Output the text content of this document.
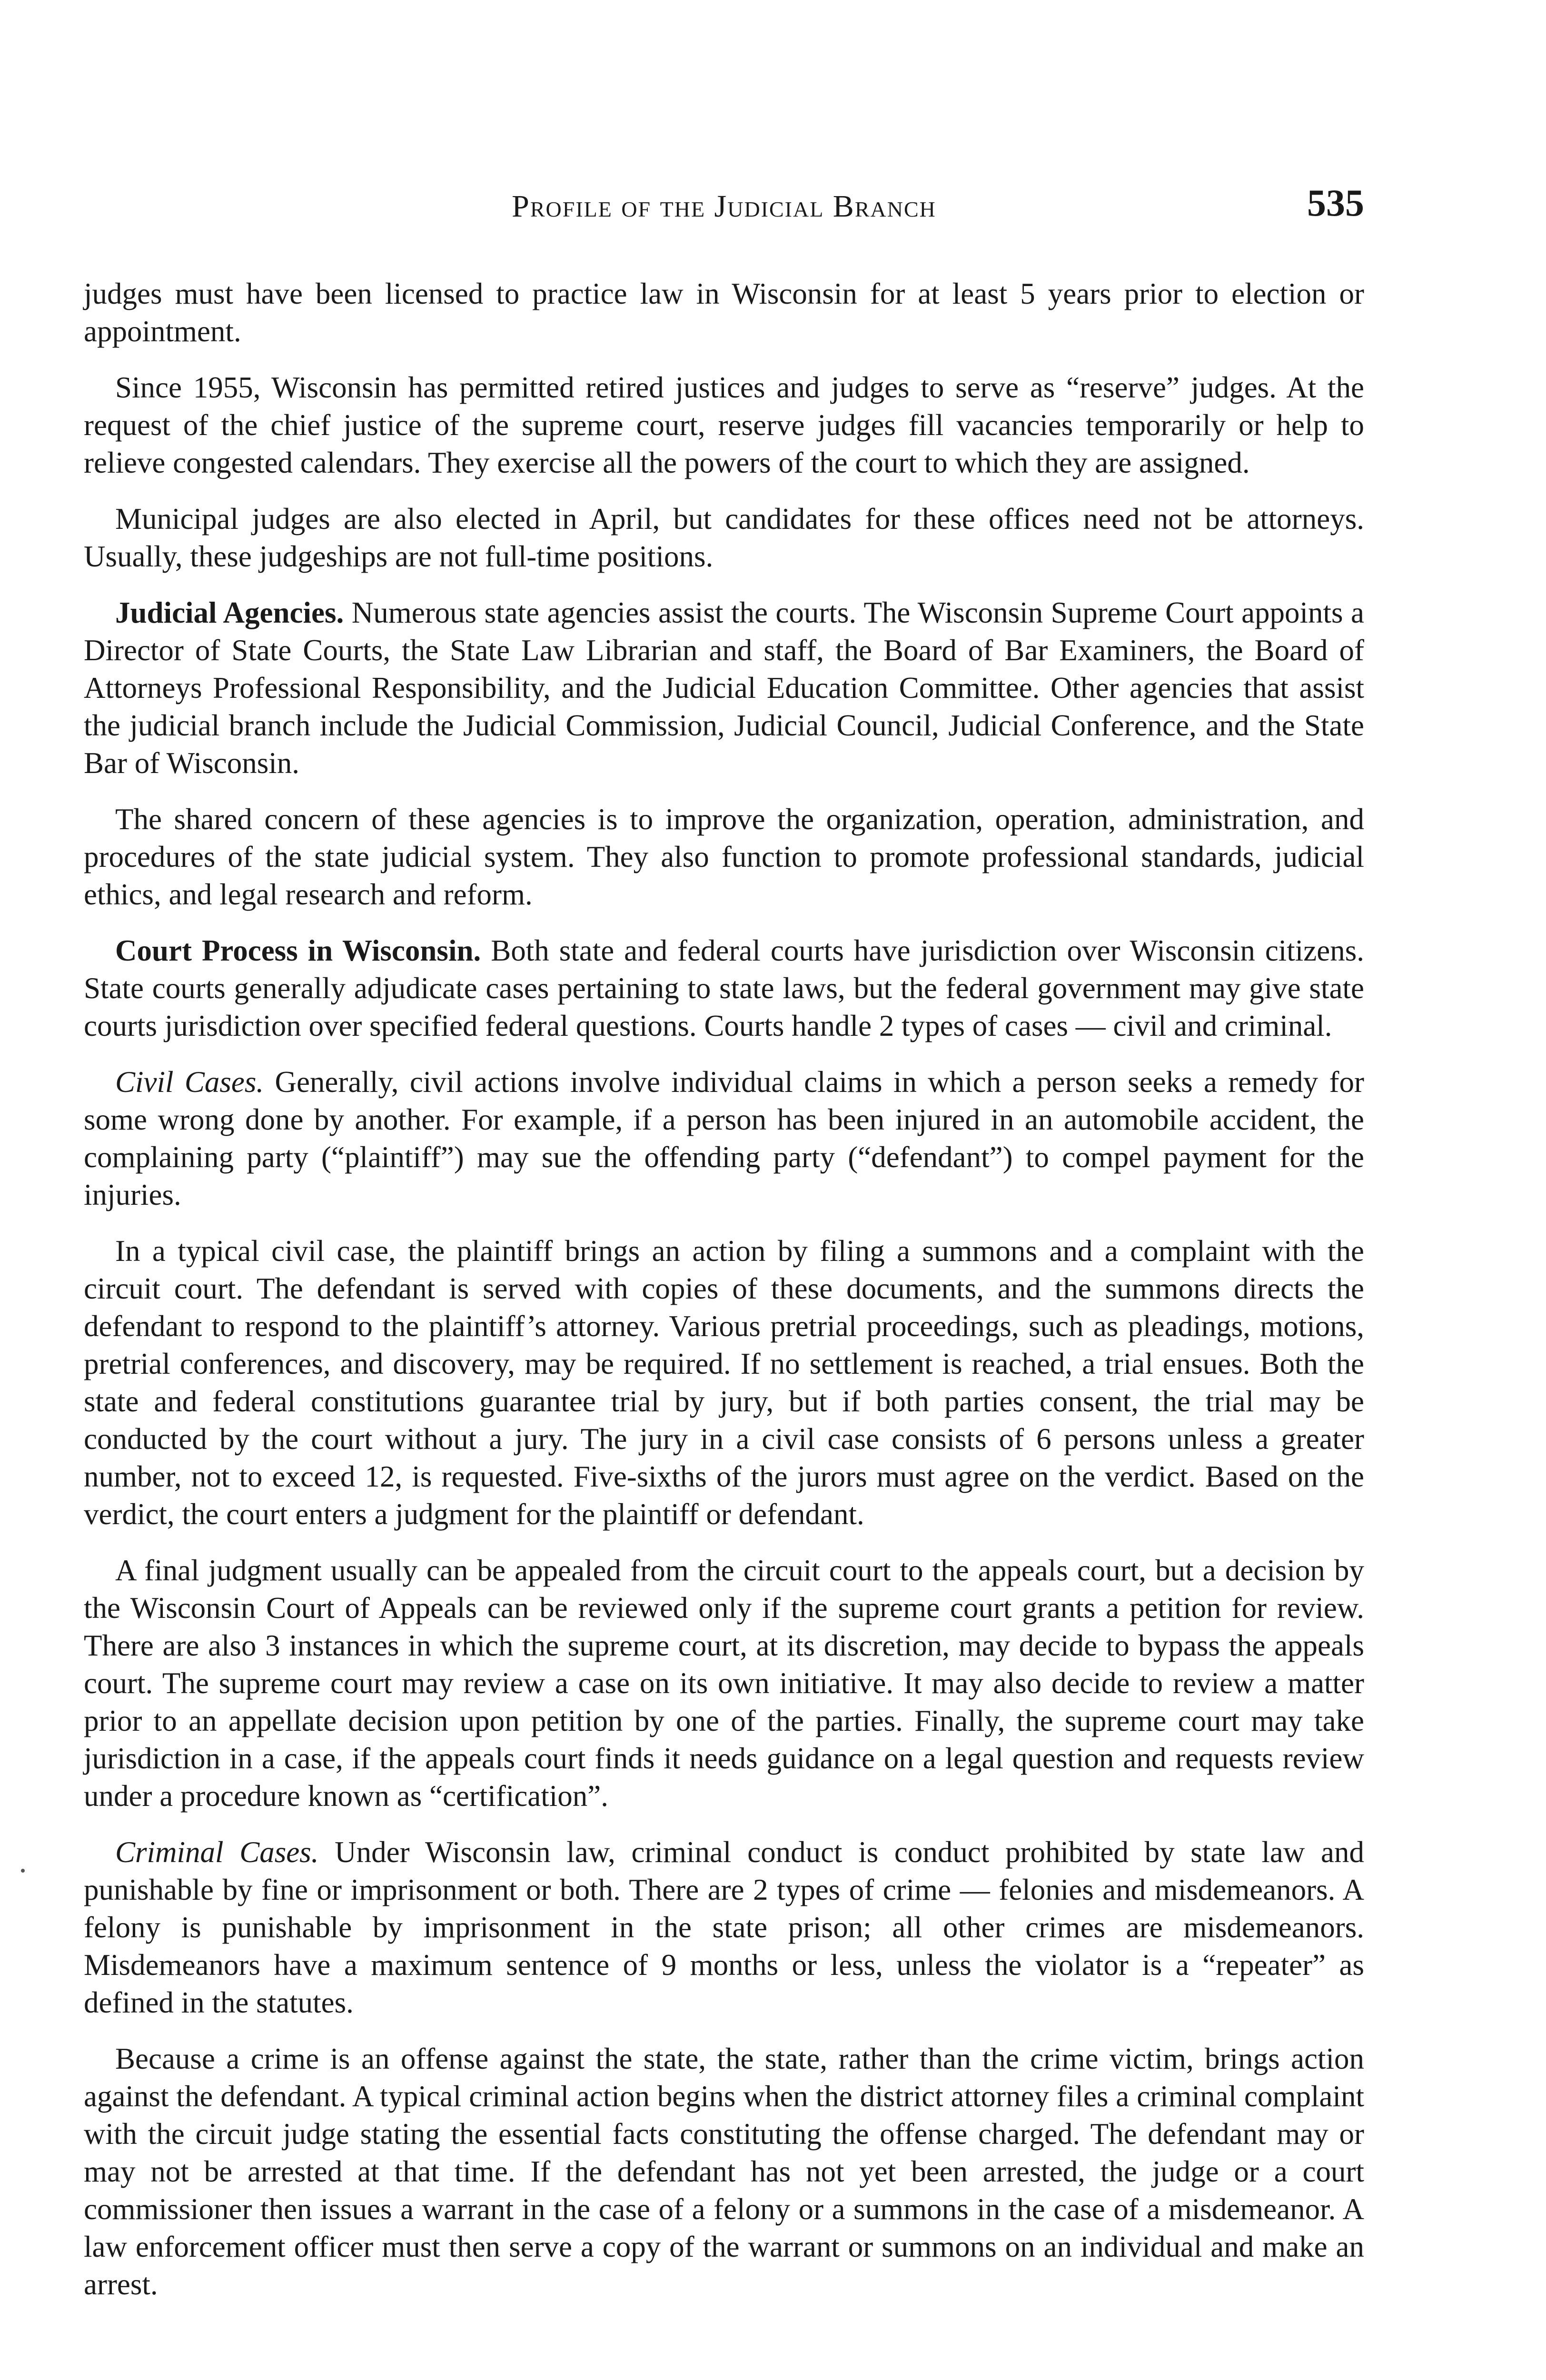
Profile of the Judicial Branch	535

judges must have been licensed to practice law in Wisconsin for at least 5 years prior to election or appointment.

Since 1955, Wisconsin has permitted retired justices and judges to serve as “reserve” judges. At the request of the chief justice of the supreme court, reserve judges fill vacancies temporarily or help to relieve congested calendars. They exercise all the powers of the court to which they are assigned.

Municipal judges are also elected in April, but candidates for these offices need not be attorneys. Usually, these judgeships are not full-time positions.

Judicial Agencies. Numerous state agencies assist the courts. The Wisconsin Supreme Court appoints a Director of State Courts, the State Law Librarian and staff, the Board of Bar Examiners, the Board of Attorneys Professional Responsibility, and the Judicial Education Committee. Other agencies that assist the judicial branch include the Judicial Commission, Judicial Council, Judicial Conference, and the State Bar of Wisconsin.

The shared concern of these agencies is to improve the organization, operation, administration, and procedures of the state judicial system. They also function to promote professional standards, judicial ethics, and legal research and reform.

Court Process in Wisconsin. Both state and federal courts have jurisdiction over Wisconsin citizens. State courts generally adjudicate cases pertaining to state laws, but the federal government may give state courts jurisdiction over specified federal questions. Courts handle 2 types of cases — civil and criminal.

Civil Cases. Generally, civil actions involve individual claims in which a person seeks a remedy for some wrong done by another. For example, if a person has been injured in an automobile accident, the complaining party (“plaintiff”) may sue the offending party (“defendant”) to compel payment for the injuries.

In a typical civil case, the plaintiff brings an action by filing a summons and a complaint with the circuit court. The defendant is served with copies of these documents, and the summons directs the defendant to respond to the plaintiff’s attorney. Various pretrial proceedings, such as pleadings, motions, pretrial conferences, and discovery, may be required. If no settlement is reached, a trial ensues. Both the state and federal constitutions guarantee trial by jury, but if both parties consent, the trial may be conducted by the court without a jury. The jury in a civil case consists of 6 persons unless a greater number, not to exceed 12, is requested. Five-sixths of the jurors must agree on the verdict. Based on the verdict, the court enters a judgment for the plaintiff or defendant.

A final judgment usually can be appealed from the circuit court to the appeals court, but a decision by the Wisconsin Court of Appeals can be reviewed only if the supreme court grants a petition for review. There are also 3 instances in which the supreme court, at its discretion, may decide to bypass the appeals court. The supreme court may review a case on its own initiative. It may also decide to review a matter prior to an appellate decision upon petition by one of the parties. Finally, the supreme court may take jurisdiction in a case, if the appeals court finds it needs guidance on a legal question and requests review under a procedure known as “certification”.

Criminal Cases. Under Wisconsin law, criminal conduct is conduct prohibited by state law and punishable by fine or imprisonment or both. There are 2 types of crime — felonies and misdemeanors. A felony is punishable by imprisonment in the state prison; all other crimes are misdemeanors. Misdemeanors have a maximum sentence of 9 months or less, unless the violator is a “repeater” as defined in the statutes.

Because a crime is an offense against the state, the state, rather than the crime victim, brings action against the defendant. A typical criminal action begins when the district attorney files a criminal complaint with the circuit judge stating the essential facts constituting the offense charged. The defendant may or may not be arrested at that time. If the defendant has not yet been arrested, the judge or a court commissioner then issues a warrant in the case of a felony or a summons in the case of a misdemeanor. A law enforcement officer must then serve a copy of the warrant or summons on an individual and make an arrest.
